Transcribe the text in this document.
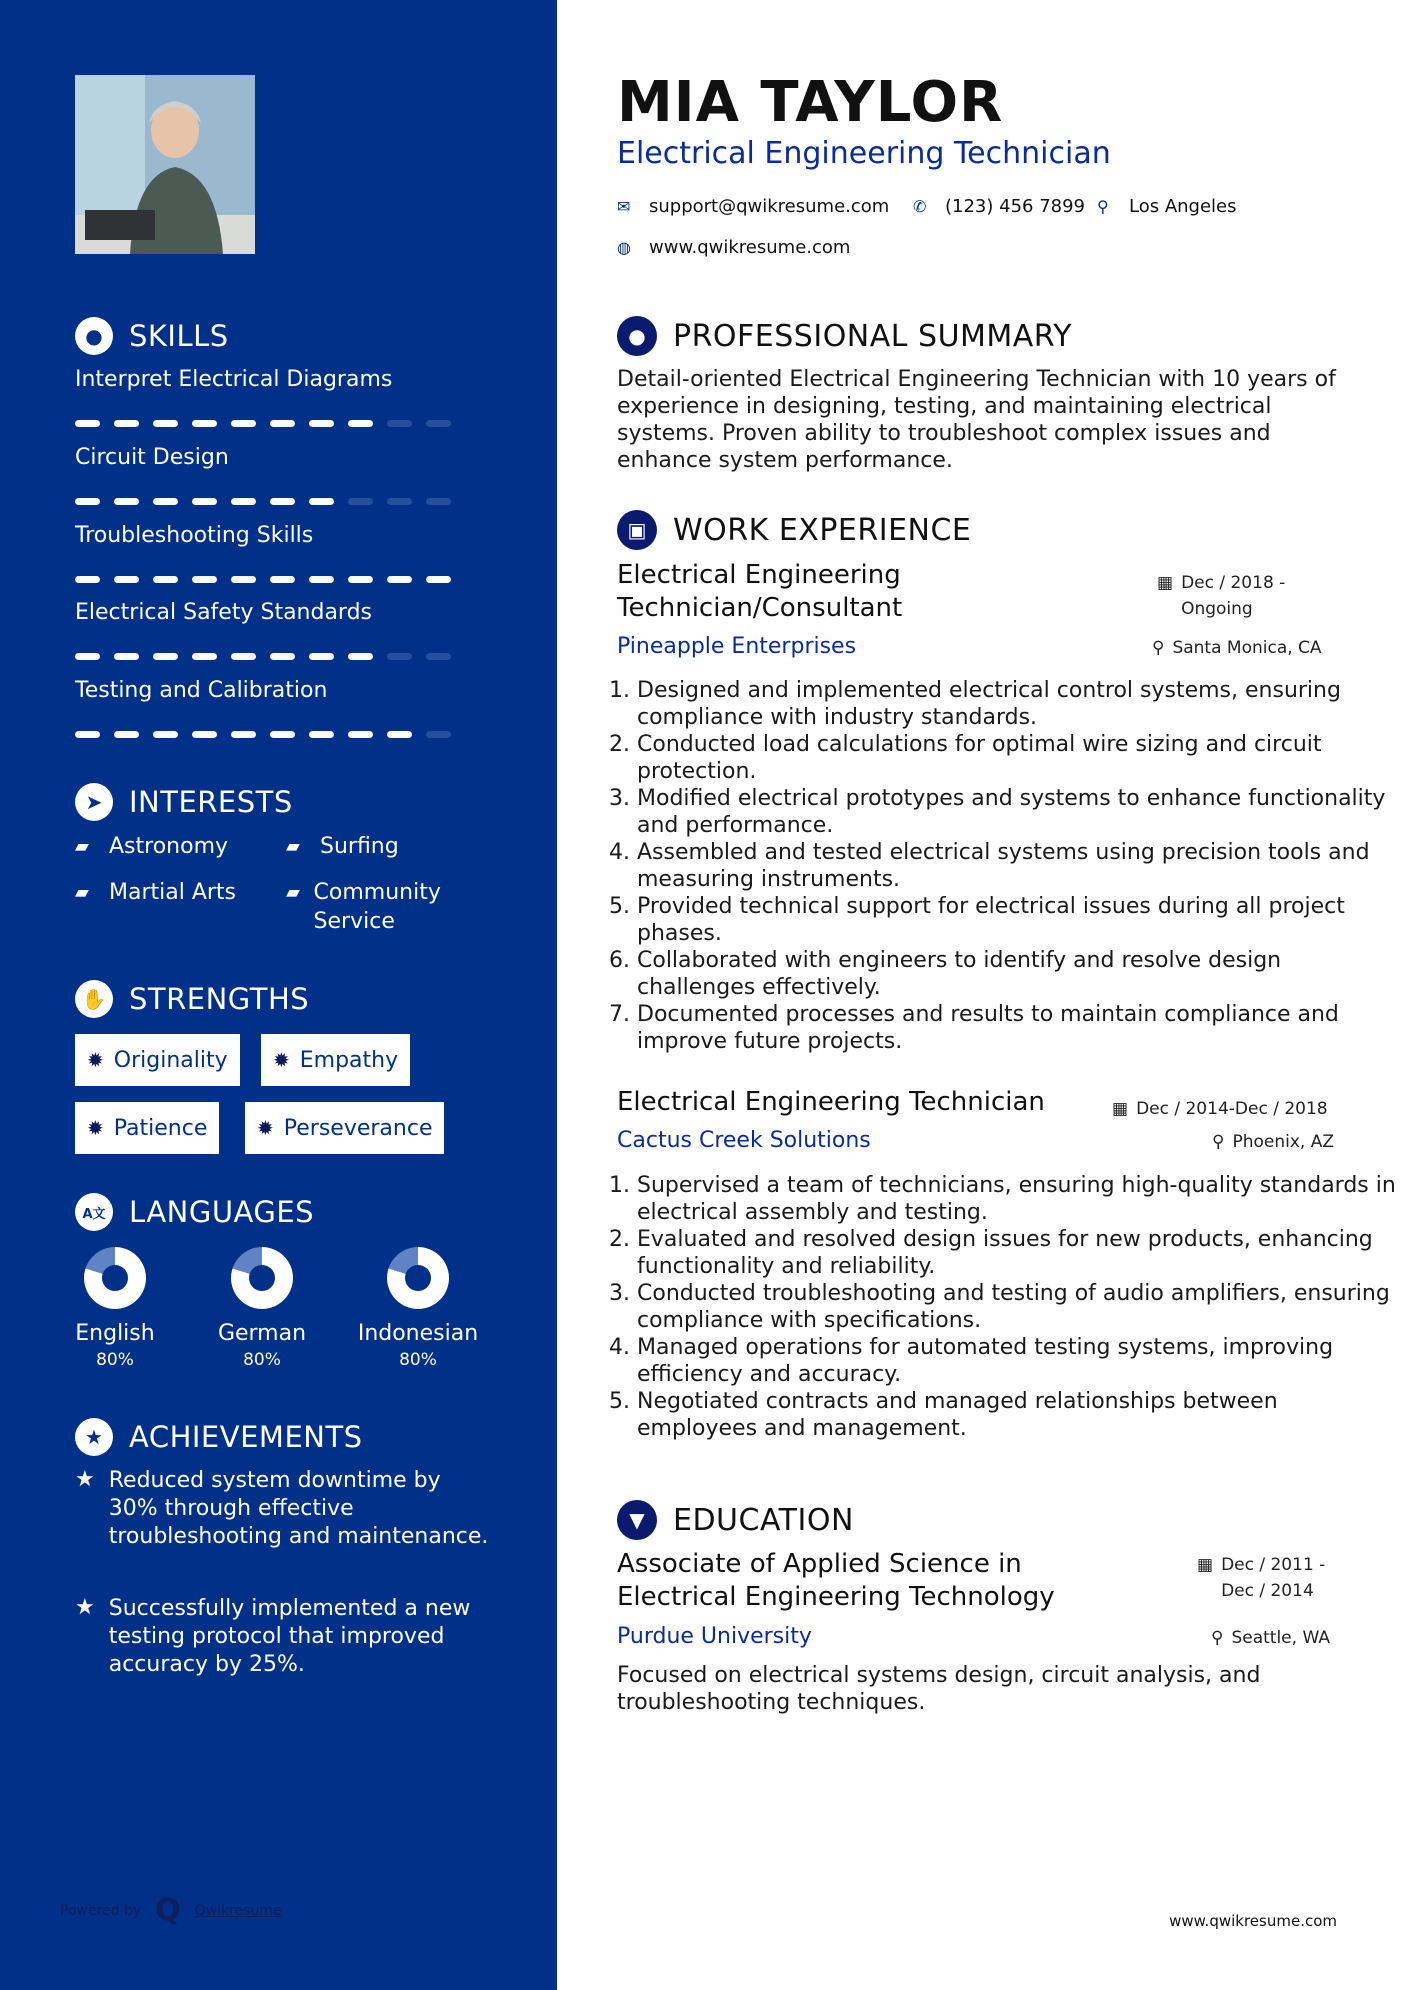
● SKILLS
Interpret Electrical Diagrams
Circuit Design
Troubleshooting Skills
Electrical Safety Standards
Testing and Calibration
➤ INTERESTS
▰ Astronomy	▰ Surfing
▰ Martial Arts	▰ Community Service
✋ STRENGTHS
✹ Originality ✹ Empathy
✹ Patience ✹ Perseverance
A文 LANGUAGES
English
80%
German
80%
Indonesian
80%
★ ACHIEVEMENTS
★ Reduced system downtime by 30% through effective troubleshooting and maintenance.
★ Successfully implemented a new testing protocol that improved accuracy by 25%.
Powered by Q Qwikresume
MIA TAYLOR
Electrical Engineering Technician
✉ support@qwikresume.com ✆ (123) 456 7899 ⚲	Los Angeles
◍ www.qwikresume.com
● PROFESSIONAL SUMMARY
Detail-oriented Electrical Engineering Technician with 10 years of experience in designing, testing, and maintaining electrical systems. Proven ability to troubleshoot complex issues and enhance system performance.
▣ WORK EXPERIENCE
Electrical Engineering Technician/Consultant
▦ Dec / 2018 - Ongoing
Pineapple Enterprises	⚲ Santa Monica, CA
1. Designed and implemented electrical control systems, ensuring compliance with industry standards.
2. Conducted load calculations for optimal wire sizing and circuit protection.
3. Modified electrical prototypes and systems to enhance functionality and performance.
4. Assembled and tested electrical systems using precision tools and measuring instruments.
5. Provided technical support for electrical issues during all project phases.
6. Collaborated with engineers to identify and resolve design challenges effectively.
7. Documented processes and results to maintain compliance and improve future projects.
Electrical Engineering Technician	▦ Dec / 2014-Dec / 2018
Cactus Creek Solutions	⚲ Phoenix, AZ
1. Supervised a team of technicians, ensuring high-quality standards in electrical assembly and testing.
2. Evaluated and resolved design issues for new products, enhancing functionality and reliability.
3. Conducted troubleshooting and testing of audio amplifiers, ensuring compliance with specifications.
4. Managed operations for automated testing systems, improving efficiency and accuracy.
5. Negotiated contracts and managed relationships between employees and management.
▼ EDUCATION
Associate of Applied Science in Electrical Engineering Technology
▦ Dec / 2011 - Dec / 2014
Purdue University	⚲ Seattle, WA
Focused on electrical systems design, circuit analysis, and troubleshooting techniques.
www.qwikresume.com
